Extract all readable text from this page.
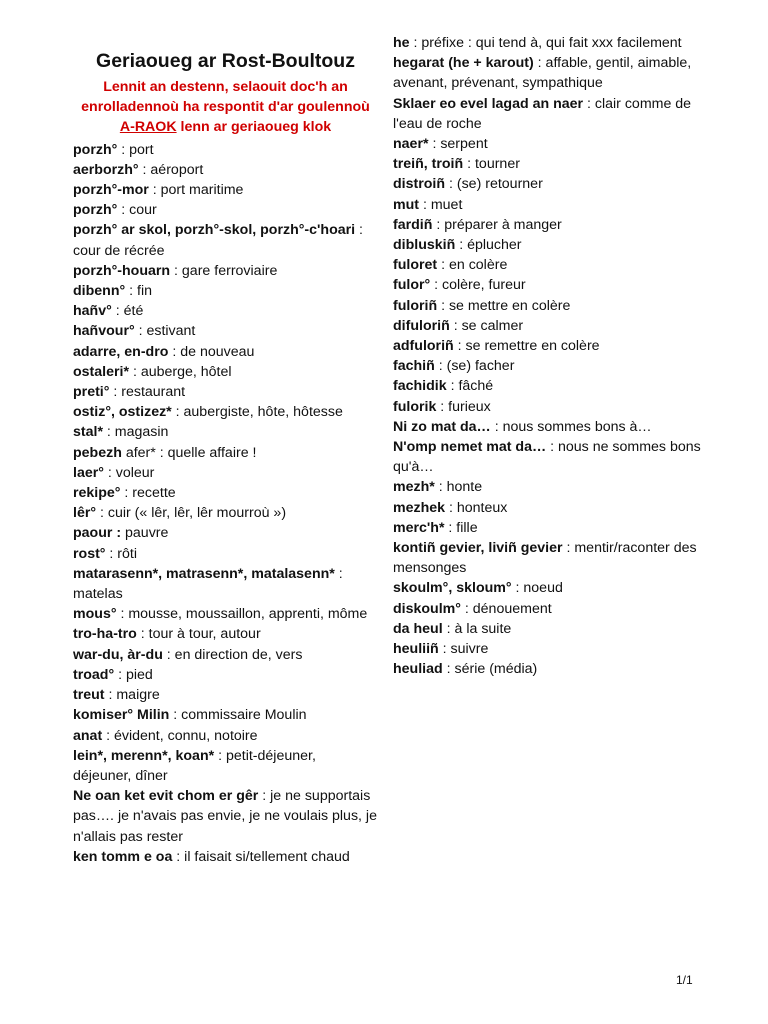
Geriaoueg ar Rost-Boultouz
Lennit an destenn, selaouit doc'h an enrolladennoù ha respontit d'ar goulennoù A-RAOK lenn ar geriaoueg klok

porzh° : port

aerborzh° : aéroport

porzh°-mor : port maritime

porzh° : cour

porzh° ar skol, porzh°-skol, porzh°-c'hoari : cour de récrée

porzh°-houarn : gare ferroviaire

dibenn° : fin

hañv° : été

hañvour° : estivant

adarre, en-dro : de nouveau

ostaleri* : auberge, hôtel

preti° : restaurant

ostiz°, ostizez* : aubergiste, hôte, hôtesse

stal* : magasin

pebezh afer* : quelle affaire !

laer° : voleur

rekipe° : recette

lêr° : cuir (« lêr, lêr, lêr mourroù »)

paour : pauvre

rost° : rôti

matarasenn*, matrasenn*, matalasenn* : matelas

mous° : mousse, moussaillon, apprenti, môme

tro-ha-tro : tour à tour, autour

war-du, àr-du : en direction de, vers

troad° : pied

treut : maigre

komiser° Milin : commissaire Moulin

anat : évident, connu, notoire

lein*, merenn*, koan* : petit-déjeuner, déjeuner, dîner

Ne oan ket evit chom er gêr : je ne supportais pas…. je n'avais pas envie, je ne voulais plus, je n'allais pas rester

ken tomm e oa : il faisait si/tellement chaud

he : préfixe : qui tend à, qui fait xxx facilement

hegarat (he + karout) : affable, gentil, aimable, avenant, prévenant, sympathique

Sklaer eo evel lagad an naer : clair comme de l'eau de roche

naer* : serpent

treiñ, troiñ : tourner

distroiñ : (se) retourner

mut : muet

fardiñ : préparer à manger

dibluskiñ : éplucher

fuloret : en colère

fulor° : colère, fureur

fuloriñ : se mettre en colère

difuloriñ : se calmer

adfuloriñ : se remettre en colère

fachiñ : (se) facher

fachidik : fâché

fulorik : furieux

Ni zo mat da… : nous sommes bons à…

N'omp nemet mat da… : nous ne sommes bons qu'à…

mezh* : honte

mezhek : honteux

merc'h* : fille

kontiñ gevier, liviñ gevier : mentir/raconter des mensonges

skoulm°, skloum° : noeud

diskoulm° : dénouement

da heul : à la suite

heuliiñ : suivre

heuliad : série (média)

1/1
